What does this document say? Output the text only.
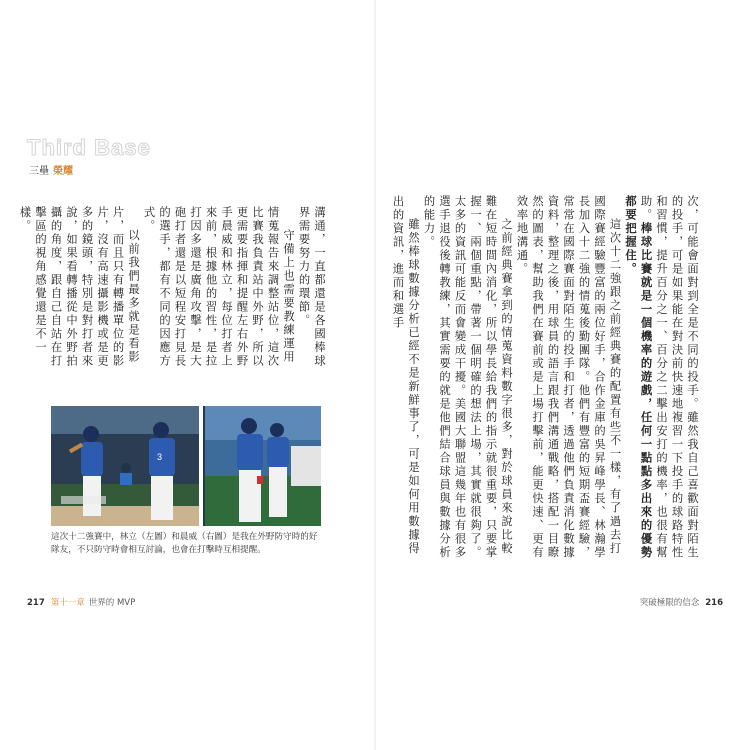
Third Base
三壘 榮耀

溝通，一直都還是各國棒球界需要努力的環節。

守備上也需要教練運用情蒐報告來調整站位，這次比賽我負責站中外野，所以更需要指揮和提醒左右外野手晨威和林立，每位打者上來前，根據他的習性，是拉打因多還是廣角攻擊，是大砲打者還是以短程安打見長的選手，都有不同的因應方式。

以前我們最多就是看影片，而且只有轉播單位的影片，沒有高速攝影機或是更多的鏡頭，特別是對打者來說，如果看轉播從中外野拍攝的角度，跟自己自站在打擊區的視角感覺還是不一樣。

3
這次十二強賽中，林立（左圖）和晨威（右圖）是我在外野防守時的好隊友，不只防守時會相互討論，也會在打擊時互相提醒。
217 第十一章 世界的 MVP

次，可能會面對到全是不同的投手。雖然我自己喜歡面對陌生的投手，可是如果能在對決前快速地複習一下投手的球路特性和習慣，提升百分之一、百分之二擊出安打的機率，也很有幫助。棒球比賽就是一個機率的遊戲，任何一點點多出來的優勢都要把握住。

這次十二強跟之前經典賽的配置有些不一樣，有了過去打國際賽經驗豐富的兩位好手，合作金庫的吳昇峰學長、林瀚學長加入十二強的情蒐後勤團隊。他們有豐富的短期盃賽經驗，常常在國際賽面對陌生的投手和打者，透過他們負責消化數據資料，整理之後，用球員的語言跟我們溝通戰略，搭配一目瞭然的圖表，幫助我們在賽前或是上場打擊前，能更快速、更有效率地溝通。

之前經典賽拿到的情蒐資料數字很多，對於球員來說比較難在短時間內消化，所以學長給我們的指示就很重要，只要掌握一、兩個重點，帶著一個明確的想法上場，其實就很夠了。太多的資訊可能反而會變成干擾。美國大聯盟這幾年也有很多選手退役後轉教練，其實需要的就是他們結合球員與數據分析的能力。

雖然棒球數據分析已經不是新鮮事了，可是如何用數據得出的資訊，進而和選手

突破極限的信念 216
